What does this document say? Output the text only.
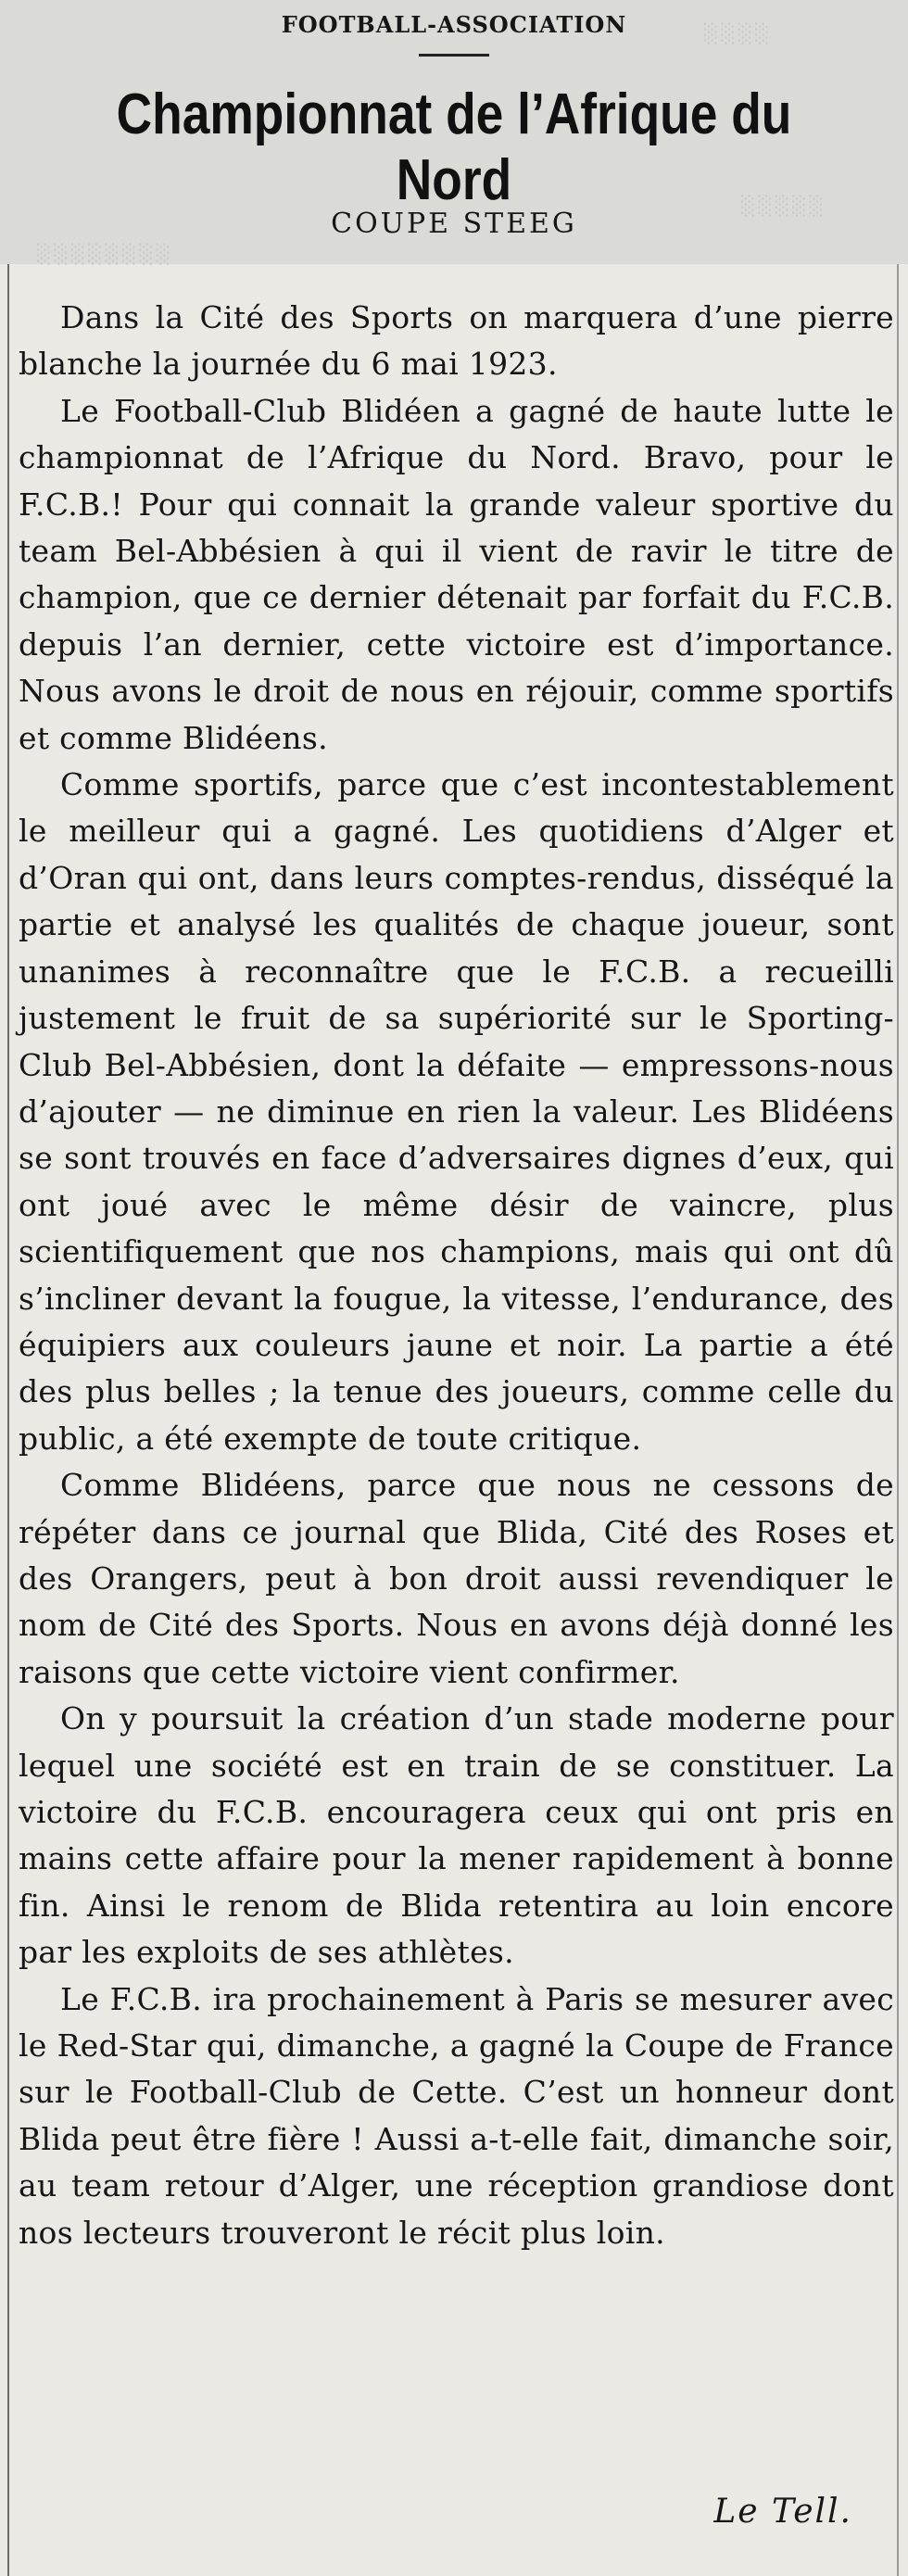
░░░░
░░░░░
░░░░░░░░
FOOTBALL-ASSOCIATION
Championnat de l’Afrique du Nord
COUPE STEEG

Dans la Cité des Sports on marquera d’une pierre blanche la journée du 6 mai 1923.

Le Football-Club Blidéen a gagné de haute lutte le championnat de l’Afrique du Nord. Bravo, pour le F.C.B.! Pour qui connait la grande valeur sportive du team Bel-Abbésien à qui il vient de ravir le titre de champion, que ce dernier détenait par forfait du F.C.B. depuis l’an dernier, cette victoire est d’importance. Nous avons le droit de nous en réjouir, comme sportifs et comme Blidéens.

Comme sportifs, parce que c’est incontestablement le meilleur qui a gagné. Les quotidiens d’Alger et d’Oran qui ont, dans leurs comptes-rendus, disséqué la partie et analysé les qualités de chaque joueur, sont unanimes à reconnaître que le F.C.B. a recueilli justement le fruit de sa supériorité sur le Sporting-Club Bel-Abbésien, dont la défaite — empressons-nous d’ajouter — ne diminue en rien la valeur. Les Blidéens se sont trouvés en face d’adversaires dignes d’eux, qui ont joué avec le même désir de vaincre, plus scientifiquement que nos champions, mais qui ont dû s’incliner devant la fougue, la vitesse, l’endurance, des équipiers aux couleurs jaune et noir. La partie a été des plus belles ; la tenue des joueurs, comme celle du public, a été exempte de toute critique.

Comme Blidéens, parce que nous ne cessons de répéter dans ce journal que Blida, Cité des Roses et des Orangers, peut à bon droit aussi revendiquer le nom de Cité des Sports. Nous en avons déjà donné les raisons que cette victoire vient confirmer.

On y poursuit la création d’un stade moderne pour lequel une société est en train de se constituer. La victoire du F.C.B. encouragera ceux qui ont pris en mains cette affaire pour la mener rapidement à bonne fin. Ainsi le renom de Blida retentira au loin encore par les exploits de ses athlètes.

Le F.C.B. ira prochainement à Paris se mesurer avec le Red-Star qui, dimanche, a gagné la Coupe de France sur le Football-Club de Cette. C’est un honneur dont Blida peut être fière ! Aussi a-t-elle fait, dimanche soir, au team retour d’Alger, une réception grandiose dont nos lecteurs trouveront le récit plus loin.

Le Tell.
